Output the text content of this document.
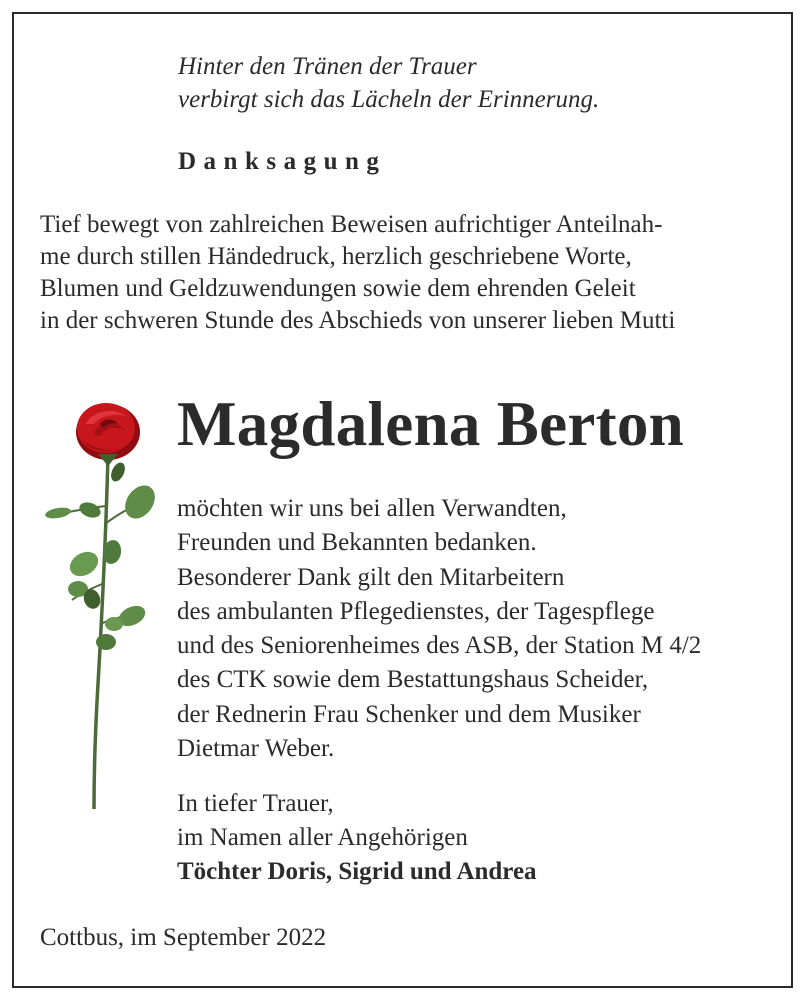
Hinter den Tränen der Trauer
verbirgt sich das Lächeln der Erinnerung.
Danksagung
Tief bewegt von zahlreichen Beweisen aufrichtiger Anteilnah-
me durch stillen Händedruck, herzlich geschriebene Worte,
Blumen und Geldzuwendungen sowie dem ehrenden Geleit
in der schweren Stunde des Abschieds von unserer lieben Mutti
Magdalena Berton
möchten wir uns bei allen Verwandten,
Freunden und Bekannten bedanken.
Besonderer Dank gilt den Mitarbeitern
des ambulanten Pflegedienstes, der Tagespflege
und des Seniorenheimes des ASB, der Station M 4/2
des CTK sowie dem Bestattungshaus Scheider,
der Rednerin Frau Schenker und dem Musiker
Dietmar Weber.
In tiefer Trauer,
im Namen aller Angehörigen
Töchter Doris, Sigrid und Andrea
Cottbus, im September 2022
